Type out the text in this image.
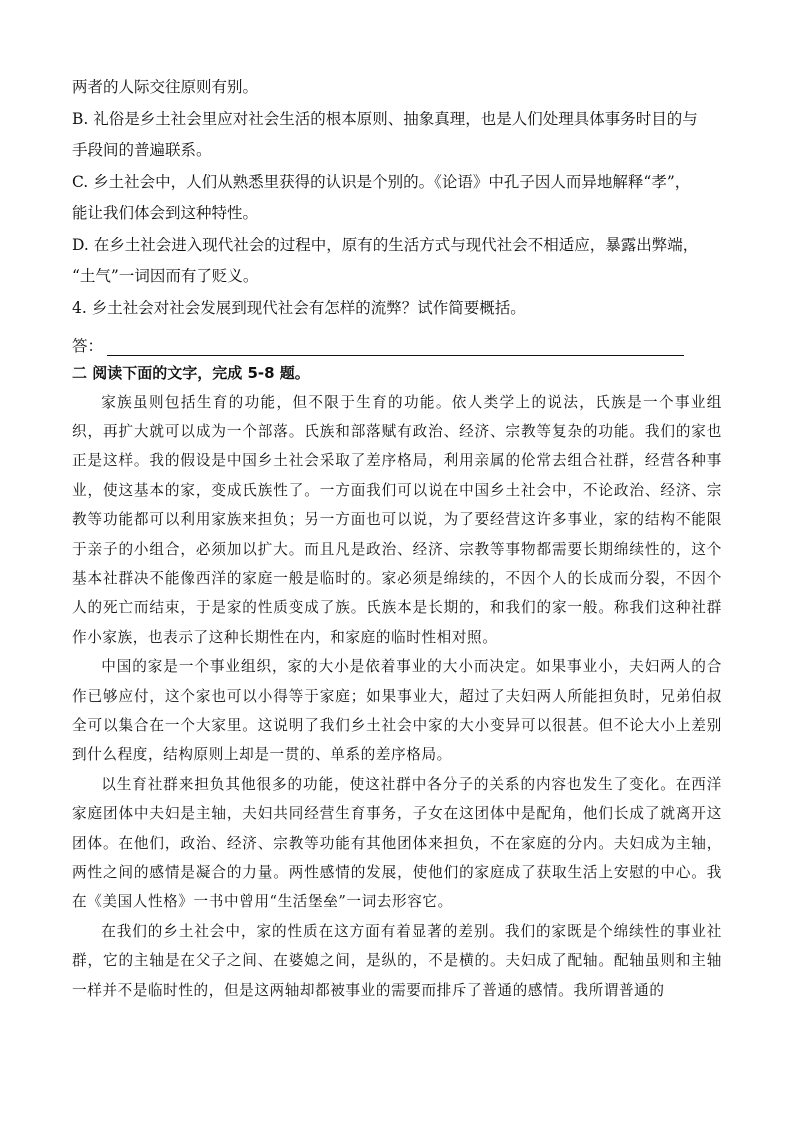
两者的人际交往原则有别。

B. 礼俗是乡土社会里应对社会生活的根本原则、抽象真理，也是人们处理具体事务时目的与

手段间的普遍联系。

C. 乡土社会中，人们从熟悉里获得的认识是个别的。《论语》中孔子因人而异地解释“孝”，

能让我们体会到这种特性。

D. 在乡土社会进入现代社会的过程中，原有的生活方式与现代社会不相适应，暴露出弊端，

“土气”一词因而有了贬义。

4. 乡土社会对社会发展到现代社会有怎样的流弊？试作简要概括。

答：
二 阅读下面的文字，完成 5-8 题。

家族虽则包括生育的功能，但不限于生育的功能。依人类学上的说法，氏族是一个事业组织，再扩大就可以成为一个部落。氏族和部落赋有政治、经济、宗教等复杂的功能。我们的家也正是这样。我的假设是中国乡土社会采取了差序格局，利用亲属的伦常去组合社群，经营各种事业，使这基本的家，变成氏族性了。一方面我们可以说在中国乡土社会中，不论政治、经济、宗教等功能都可以利用家族来担负；另一方面也可以说，为了要经营这许多事业，家的结构不能限于亲子的小组合，必须加以扩大。而且凡是政治、经济、宗教等事物都需要长期绵续性的，这个基本社群决不能像西洋的家庭一般是临时的。家必须是绵续的，不因个人的长成而分裂，不因个人的死亡而结束，于是家的性质变成了族。氏族本是长期的，和我们的家一般。称我们这种社群作小家族，也表示了这种长期性在内，和家庭的临时性相对照。

中国的家是一个事业组织，家的大小是依着事业的大小而决定。如果事业小，夫妇两人的合作已够应付，这个家也可以小得等于家庭；如果事业大，超过了夫妇两人所能担负时，兄弟伯叔全可以集合在一个大家里。这说明了我们乡土社会中家的大小变异可以很甚。但不论大小上差别到什么程度，结构原则上却是一贯的、单系的差序格局。

以生育社群来担负其他很多的功能，使这社群中各分子的关系的内容也发生了变化。在西洋家庭团体中夫妇是主轴，夫妇共同经营生育事务，子女在这团体中是配角，他们长成了就离开这团体。在他们，政治、经济、宗教等功能有其他团体来担负，不在家庭的分内。夫妇成为主轴，两性之间的感情是凝合的力量。两性感情的发展，使他们的家庭成了获取生活上安慰的中心。我在《美国人性格》一书中曾用“生活堡垒”一词去形容它。

在我们的乡土社会中，家的性质在这方面有着显著的差别。我们的家既是个绵续性的事业社群，它的主轴是在父子之间、在婆媳之间，是纵的，不是横的。夫妇成了配轴。配轴虽则和主轴一样并不是临时性的，但是这两轴却都被事业的需要而排斥了普通的感情。我所谓普通的
